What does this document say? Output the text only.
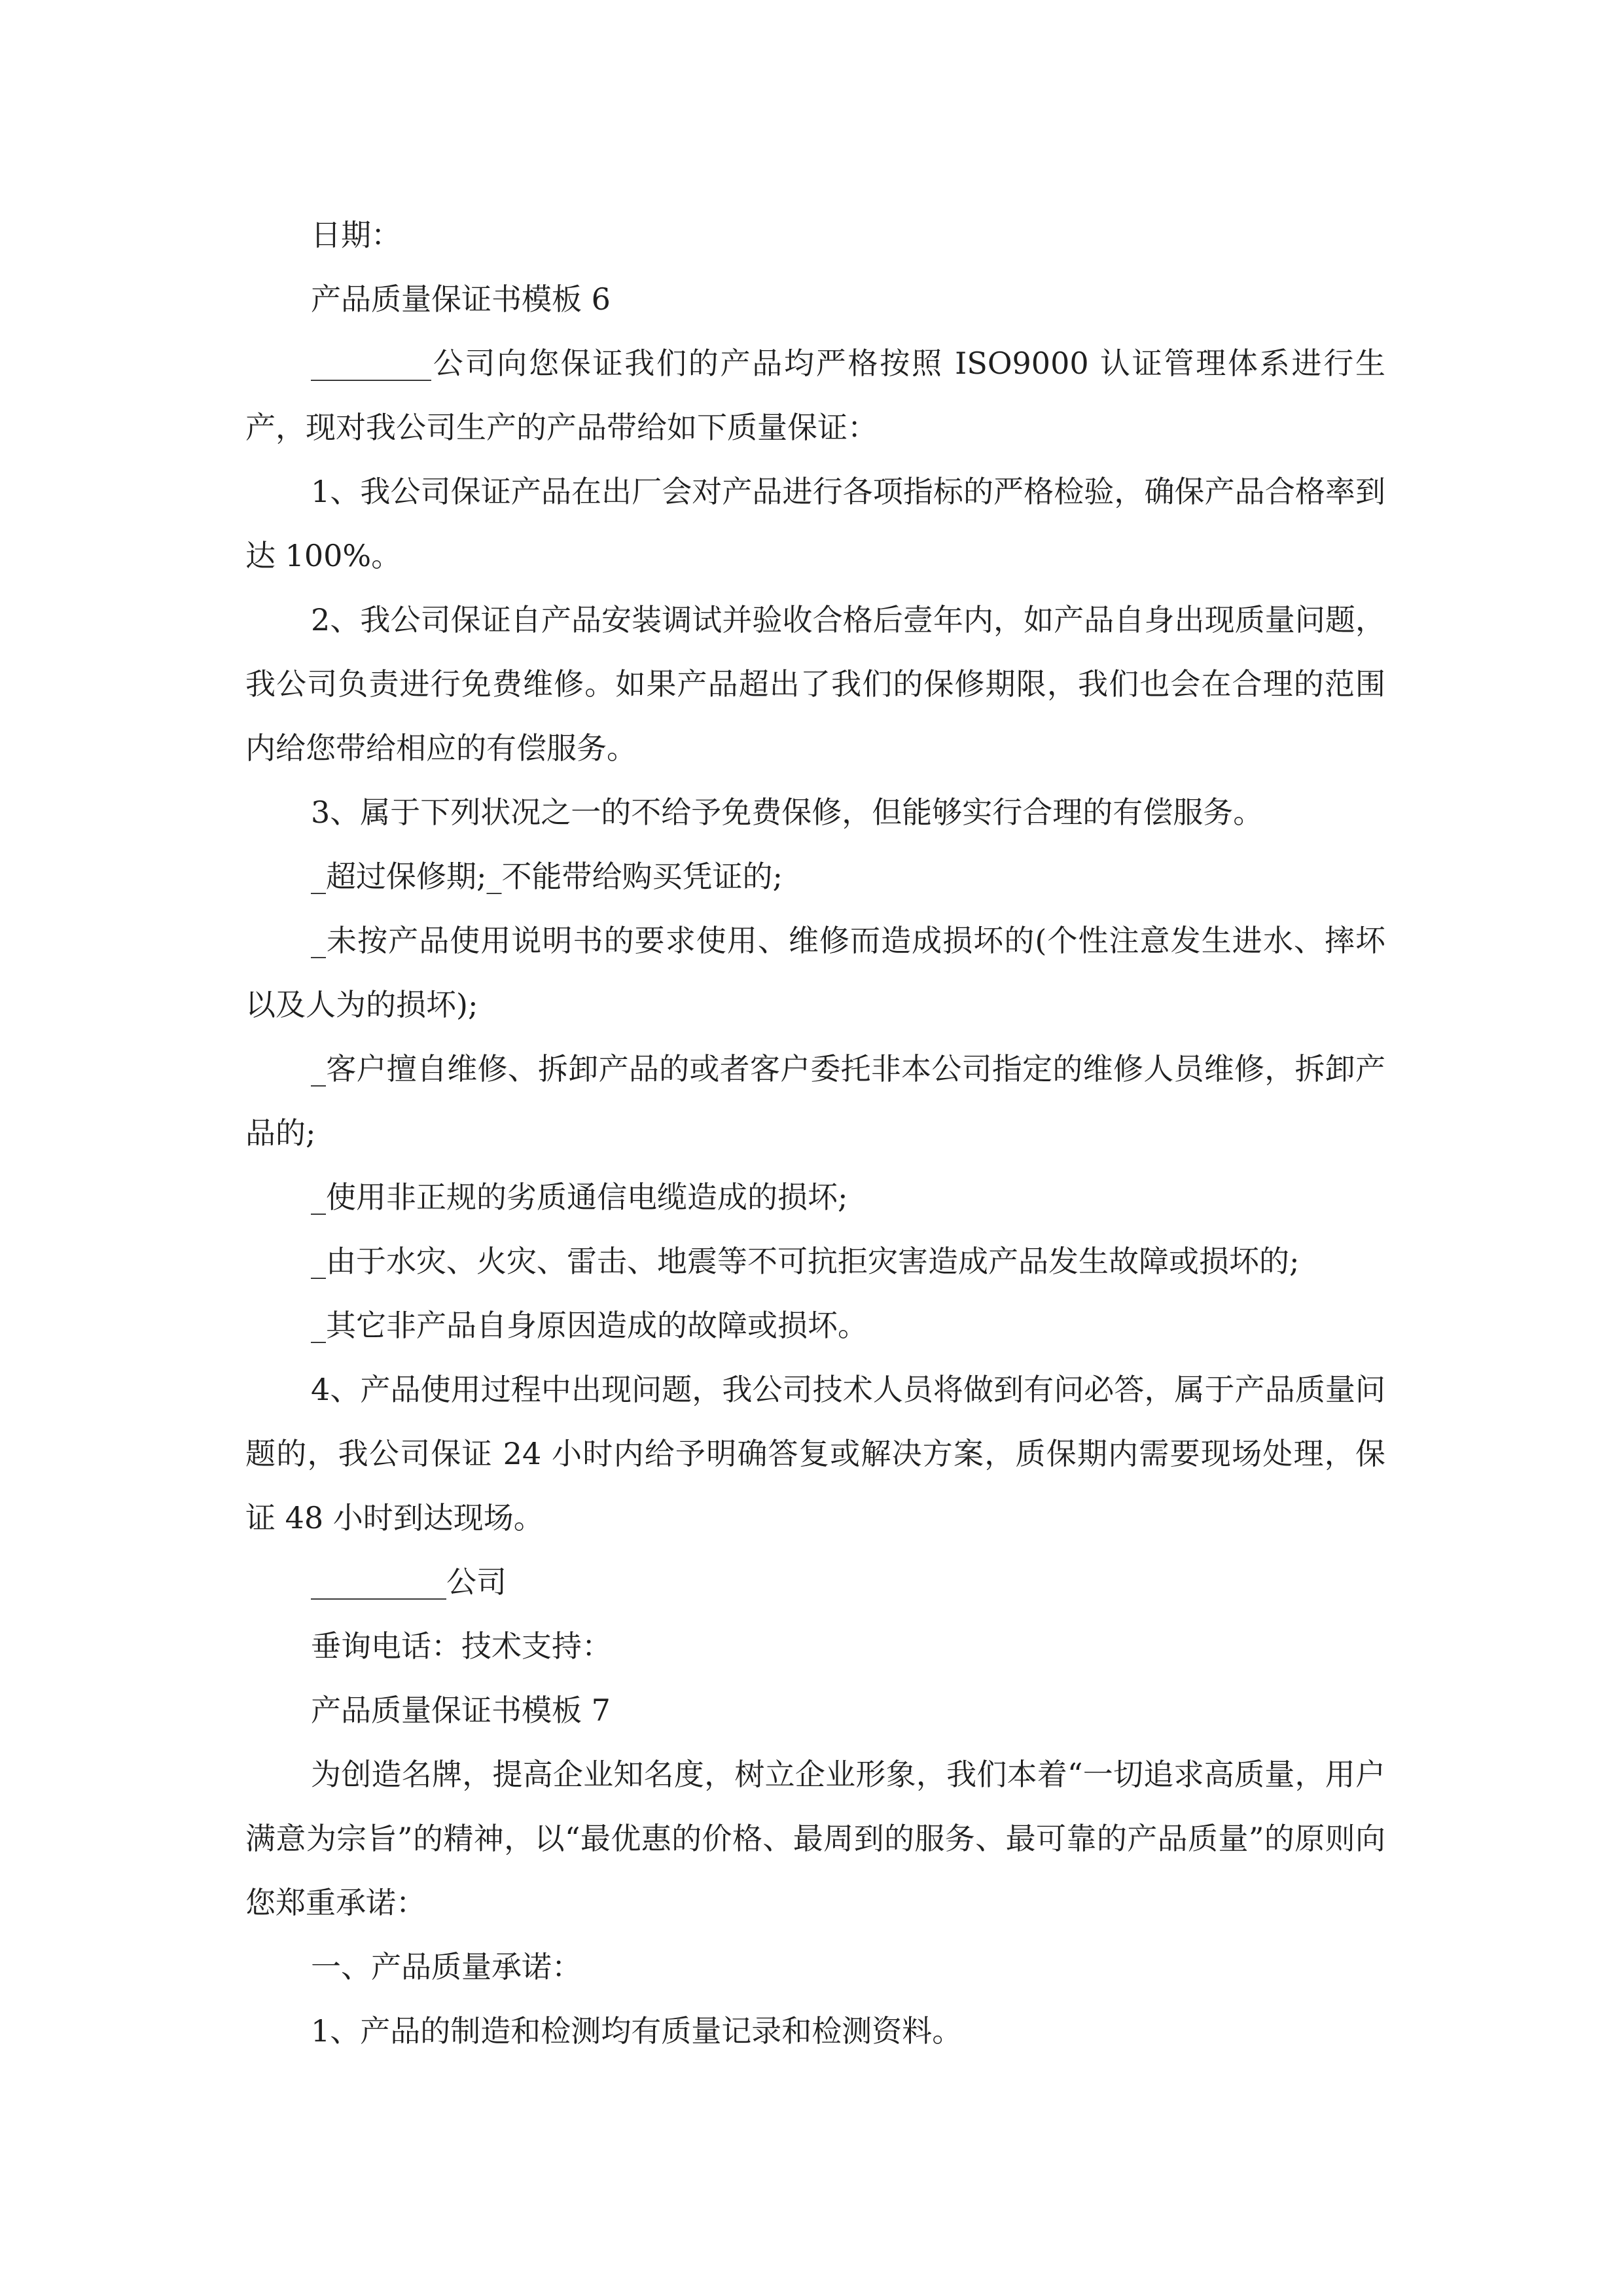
日期：

产品质量保证书模板 6

________公司向您保证我们的产品均严格按照 ISO9000 认证管理体系进行生产，现对我公司生产的产品带给如下质量保证：

1、我公司保证产品在出厂会对产品进行各项指标的严格检验，确保产品合格率到达 100%。

2、我公司保证自产品安装调试并验收合格后壹年内，如产品自身出现质量问题，我公司负责进行免费维修。如果产品超出了我们的保修期限，我们也会在合理的范围内给您带给相应的有偿服务。

3、属于下列状况之一的不给予免费保修，但能够实行合理的有偿服务。

_超过保修期;_不能带给购买凭证的;

_未按产品使用说明书的要求使用、维修而造成损坏的(个性注意发生进水、摔坏以及人为的损坏);

_客户擅自维修、拆卸产品的或者客户委托非本公司指定的维修人员维修，拆卸产品的;

_使用非正规的劣质通信电缆造成的损坏;

_由于水灾、火灾、雷击、地震等不可抗拒灾害造成产品发生故障或损坏的;

_其它非产品自身原因造成的故障或损坏。

4、产品使用过程中出现问题，我公司技术人员将做到有问必答，属于产品质量问题的，我公司保证 24 小时内给予明确答复或解决方案，质保期内需要现场处理，保证 48 小时到达现场。

_________公司

垂询电话：技术支持：

产品质量保证书模板 7

为创造名牌，提高企业知名度，树立企业形象，我们本着“一切追求高质量，用户满意为宗旨”的精神，以“最优惠的价格、最周到的服务、最可靠的产品质量”的原则向您郑重承诺：

一、产品质量承诺：

1、产品的制造和检测均有质量记录和检测资料。
